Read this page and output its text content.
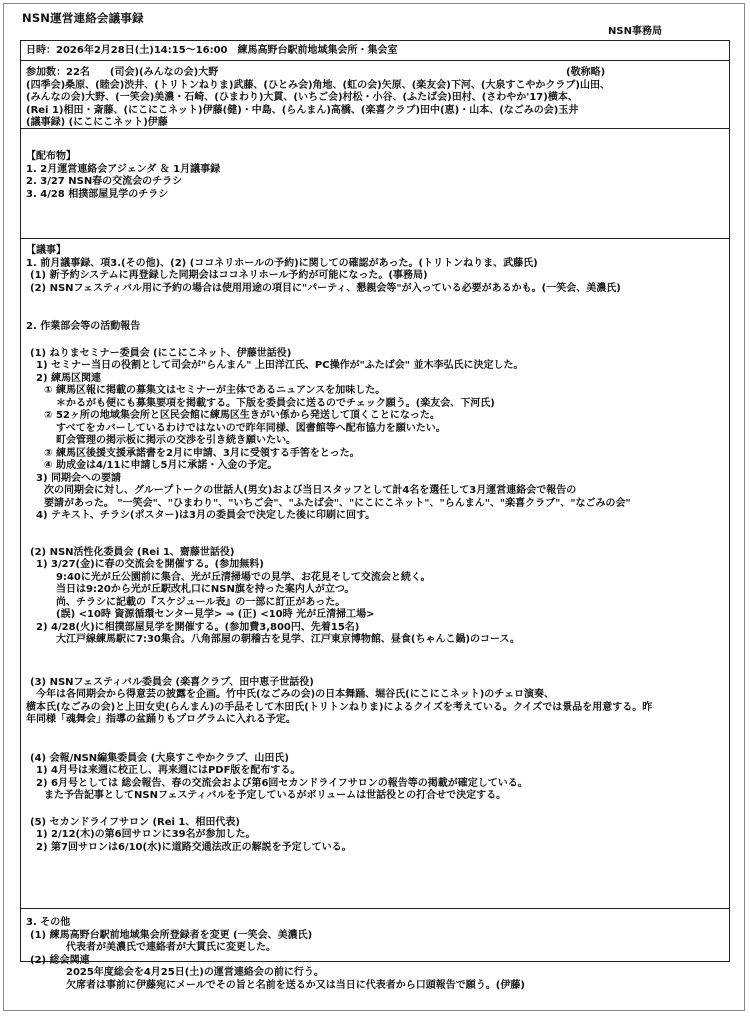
NSN運営連絡会議事録
NSN事務局
日時：2026年2月28日(土)14:15～16:00　練馬高野台駅前地域集会所・集会室
(敬称略)
参加数：22名　　(司会)(みんなの会)大野
(四季会)桑原、(睦会)渋井、(トリトンねりま)武藤、(ひとみ会)角地、(虹の会)矢原、(楽友会)下河、(大泉すこやかクラブ)山田、
(みんなの会)大野、(一笑会)美濃・石崎、(ひまわり)大貫、(いちご会)村松・小谷、(ふたば会)田村、(さわやか'17)横本、
(Rei 1)相田・斎藤、(にこにこネット)伊藤(健)・中島、(らんまん)高橋、(楽喜クラブ)田中(恵)・山本、(なごみの会)玉井
(議事録) (にこにこネット)伊藤
【配布物】
1. 2月運営連絡会アジェンダ ＆ 1月議事録
2. 3/27 NSN春の交流会のチラシ
3. 4/28 相撲部屋見学のチラシ
【議事】
1. 前月議事録、項3.(その他)、(2) (ココネリホールの予約)に関しての確認があった。(トリトンねりま、武藤氏)
(1) 新予約システムに再登録した同期会はココネリホール予約が可能になった。(事務局)
(2) NSNフェスティバル用に予約の場合は使用用途の項目に"パーティ、懇親会等"が入っている必要があるかも。(一笑会、美濃氏)
2. 作業部会等の活動報告
(1) ねりまセミナー委員会 (にこにこネット、伊藤世話役)
1) セミナー当日の役割として司会が"らんまん" 上田洋江氏、PC操作が"ふたば会" 並木李弘氏に決定した。
2) 練馬区関連
① 練馬区報に掲載の募集文はセミナーが主体であるニュアンスを加味した。
＊かるがも便にも募集要項を掲載する。下版を委員会に送るのでチェック願う。(楽友会、下河氏)
② 52ヶ所の地域集会所と区民会館に練馬区生きがい係から発送して頂くことになった。
すべてをカバーしているわけではないので昨年同様、図書館等へ配布協力を願いたい。
町会管理の掲示板に掲示の交渉を引き続き願いたい。
③ 練馬区後援支援承諾書を2月に申請、3月に受領する手筈をとった。
④ 助成金は4/11に申請し5月に承諾・入金の予定。
3) 同期会への要請
次の同期会に対し、グループトークの世話人(男女)および当日スタッフとして計4名を選任して3月運営連絡会で報告の
要請があった。 "一笑会"、"ひまわり"、"いちご会"、"ふたば会"、"にこにこネット"、"らんまん"、"楽喜クラブ"、"なごみの会"
4) テキスト、チラシ(ポスター)は3月の委員会で決定した後に印刷に回す。
(2) NSN活性化委員会 (Rei 1、齋藤世話役)
1) 3/27(金)に春の交流会を開催する。(参加無料)
9:40に光が丘公園前に集合、光が丘清掃場での見学、お花見そして交流会と続く。
当日は9:20から光が丘駅改札口にNSN旗を持った案内人が立つ。
尚、チラシに記載の『スケジュール表』の一部に訂正があった。
(誤) <10時 資源循環センター見学> ⇒ (正) <10時 光が丘清掃工場>
2) 4/28(火)に相撲部屋見学を開催する。(参加費3,800円、先着15名)
大江戸線練馬駅に7:30集合。八角部屋の朝稽古を見学、江戸東京博物館、昼食(ちゃんこ鍋)のコース。
(3) NSNフェスティバル委員会 (楽喜クラブ、田中恵子世話役)
今年は各同期会から得意芸の披露を企画。竹中氏(なごみの会)の日本舞踊、堀谷氏(にこにこネット)のチェロ演奏、
横本氏(なごみの会)と上田女史(らんまん)の手品そして木田氏(トリトンねりま)によるクイズを考えている。クイズでは景品を用意する。昨
年同様「魂舞会」指導の盆踊りもプログラムに入れる予定。
(4) 会報/NSN編集委員会 (大泉すこやかクラブ、山田氏)
1) 4月号は来週に校正し、再来週にはPDF版を配布する。
2) 6月号としては 総会報告、春の交流会および第6回セカンドライフサロンの報告等の掲載が確定している。
また予告記事としてNSNフェスティバルを予定しているがボリュームは世話役との打合せで決定する。
(5) セカンドライフサロン (Rei 1、相田代表)
1) 2/12(木)の第6回サロンに39名が参加した。
2) 第7回サロンは6/10(水)に道路交通法改正の解説を予定している。
3. その他
(1) 練馬高野台駅前地域集会所登録者を変更 (一笑会、美濃氏)
代表者が美濃氏で連絡者が大貫氏に変更した。
(2) 総会関連
2025年度総会を4月25日(土)の運営連絡会の前に行う。
欠席者は事前に伊藤宛にメールでその旨と名前を送るか又は当日に代表者から口頭報告で願う。(伊藤)
